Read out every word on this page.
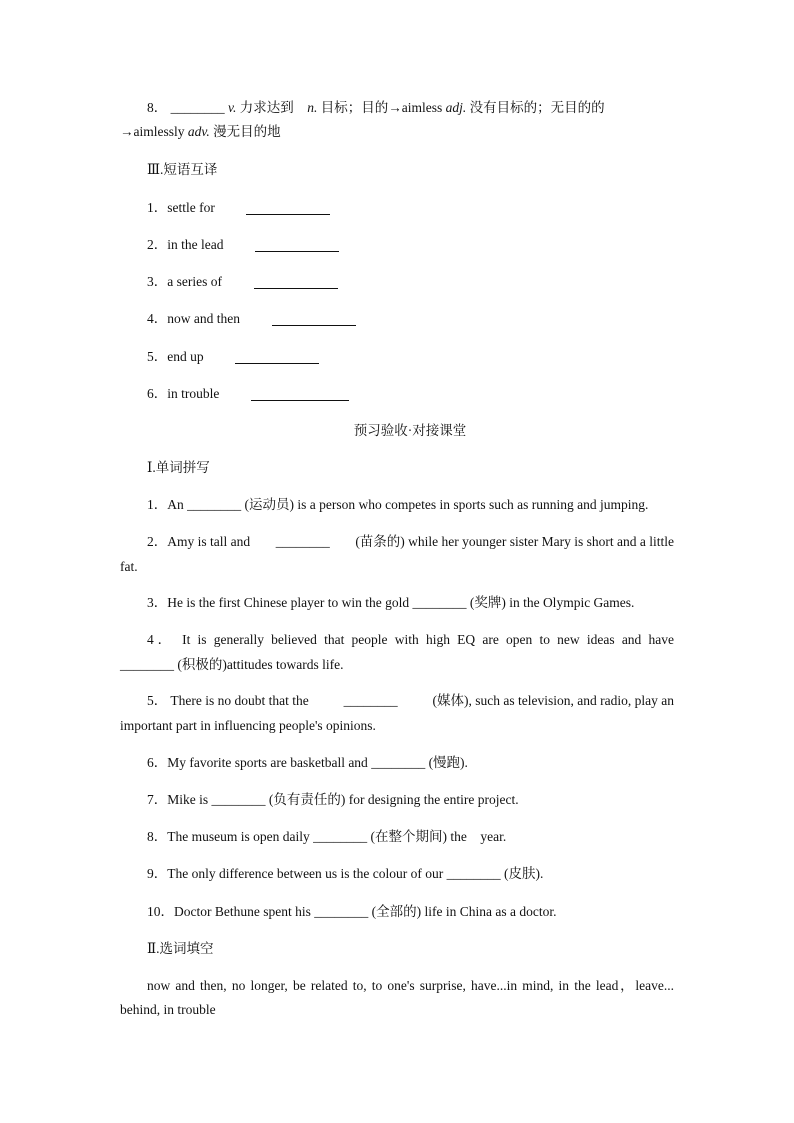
8． ________ v. 力求达到 n. 目标；目的→aimless adj. 没有目标的；无目的的
→aimlessly adv. 漫无目的地
Ⅲ.短语互译
1．settle for
2．in the lead
3．a series of
4．now and then
5．end up
6．in trouble
预习验收·对接课堂
Ⅰ.单词拼写
1．An ________ (运动员) is a person who competes in sports such as running and jumping.
2．Amy is tall and ________ (苗条的) while her younger sister Mary is short and a little
fat.
3．He is the first Chinese player to win the gold ________ (奖牌) in the Olympic Games.
4． It is generally believed that people with high EQ are open to new ideas and have
________ (积极的)attitudes towards life.
5． There is no doubt that the	________	(媒体), such as television, and radio, play an
important part in influencing people's opinions.
6．My favorite sports are basketball and ________ (慢跑).
7．Mike is ________ (负有责任的) for designing the entire project.
8．The museum is open daily ________ (在整个期间) the    year.
9．The only difference between us is the colour of our ________ (皮肤).
10．Doctor Bethune spent his ________ (全部的) life in China as a doctor.
Ⅱ.选词填空
now and then, no longer, be related to, to one's surprise, have...in mind, in the lead，leave...
behind, in trouble
